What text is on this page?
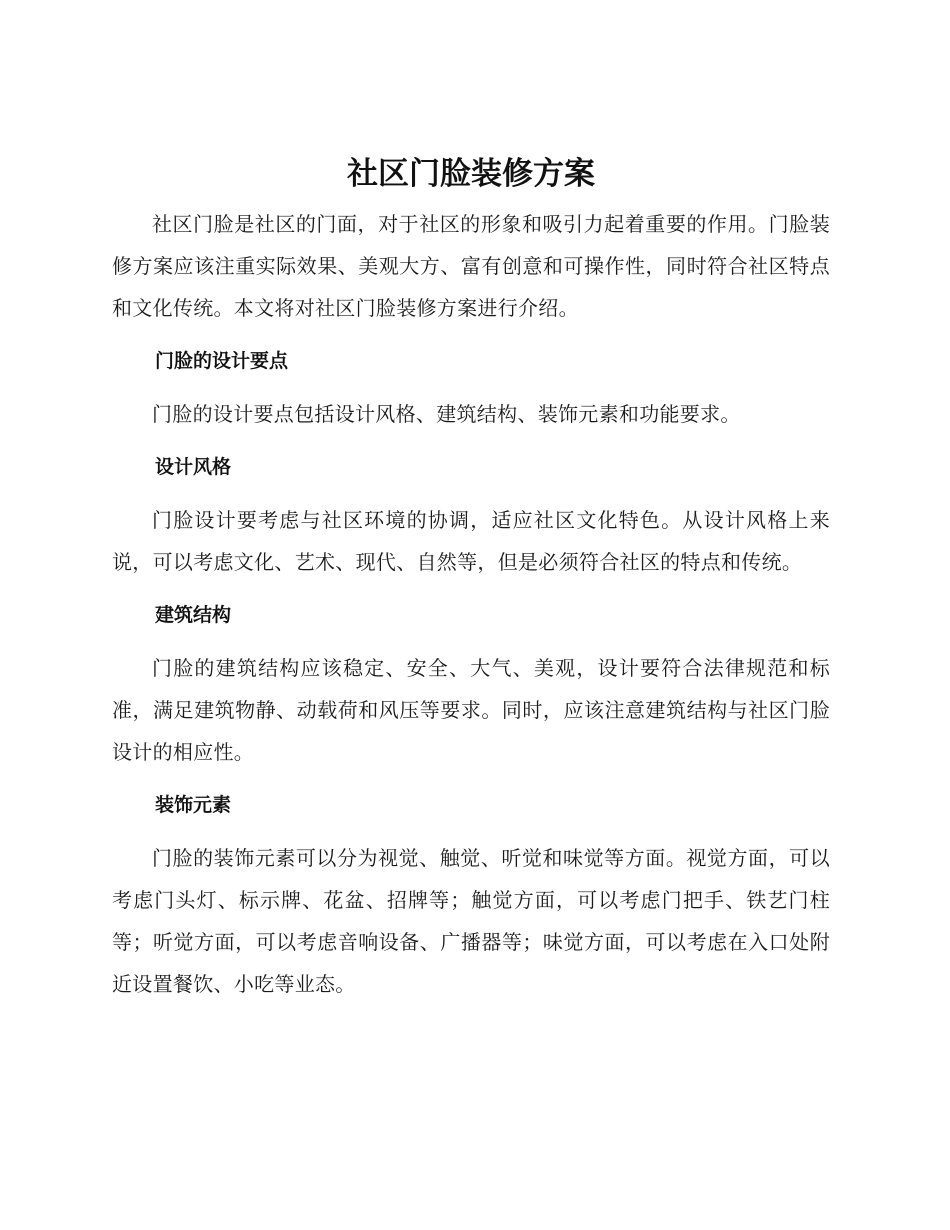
社区门脸装修方案

社区门脸是社区的门面，对于社区的形象和吸引力起着重要的作用。门脸装修方案应该注重实际效果、美观大方、富有创意和可操作性，同时符合社区特点和文化传统。本文将对社区门脸装修方案进行介绍。

门脸的设计要点

门脸的设计要点包括设计风格、建筑结构、装饰元素和功能要求。

设计风格

门脸设计要考虑与社区环境的协调，适应社区文化特色。从设计风格上来说，可以考虑文化、艺术、现代、自然等，但是必须符合社区的特点和传统。

建筑结构

门脸的建筑结构应该稳定、安全、大气、美观，设计要符合法律规范和标准，满足建筑物静、动载荷和风压等要求。同时，应该注意建筑结构与社区门脸设计的相应性。

装饰元素

门脸的装饰元素可以分为视觉、触觉、听觉和味觉等方面。视觉方面，可以考虑门头灯、标示牌、花盆、招牌等；触觉方面，可以考虑门把手、铁艺门柱等；听觉方面，可以考虑音响设备、广播器等；味觉方面，可以考虑在入口处附近设置餐饮、小吃等业态。
